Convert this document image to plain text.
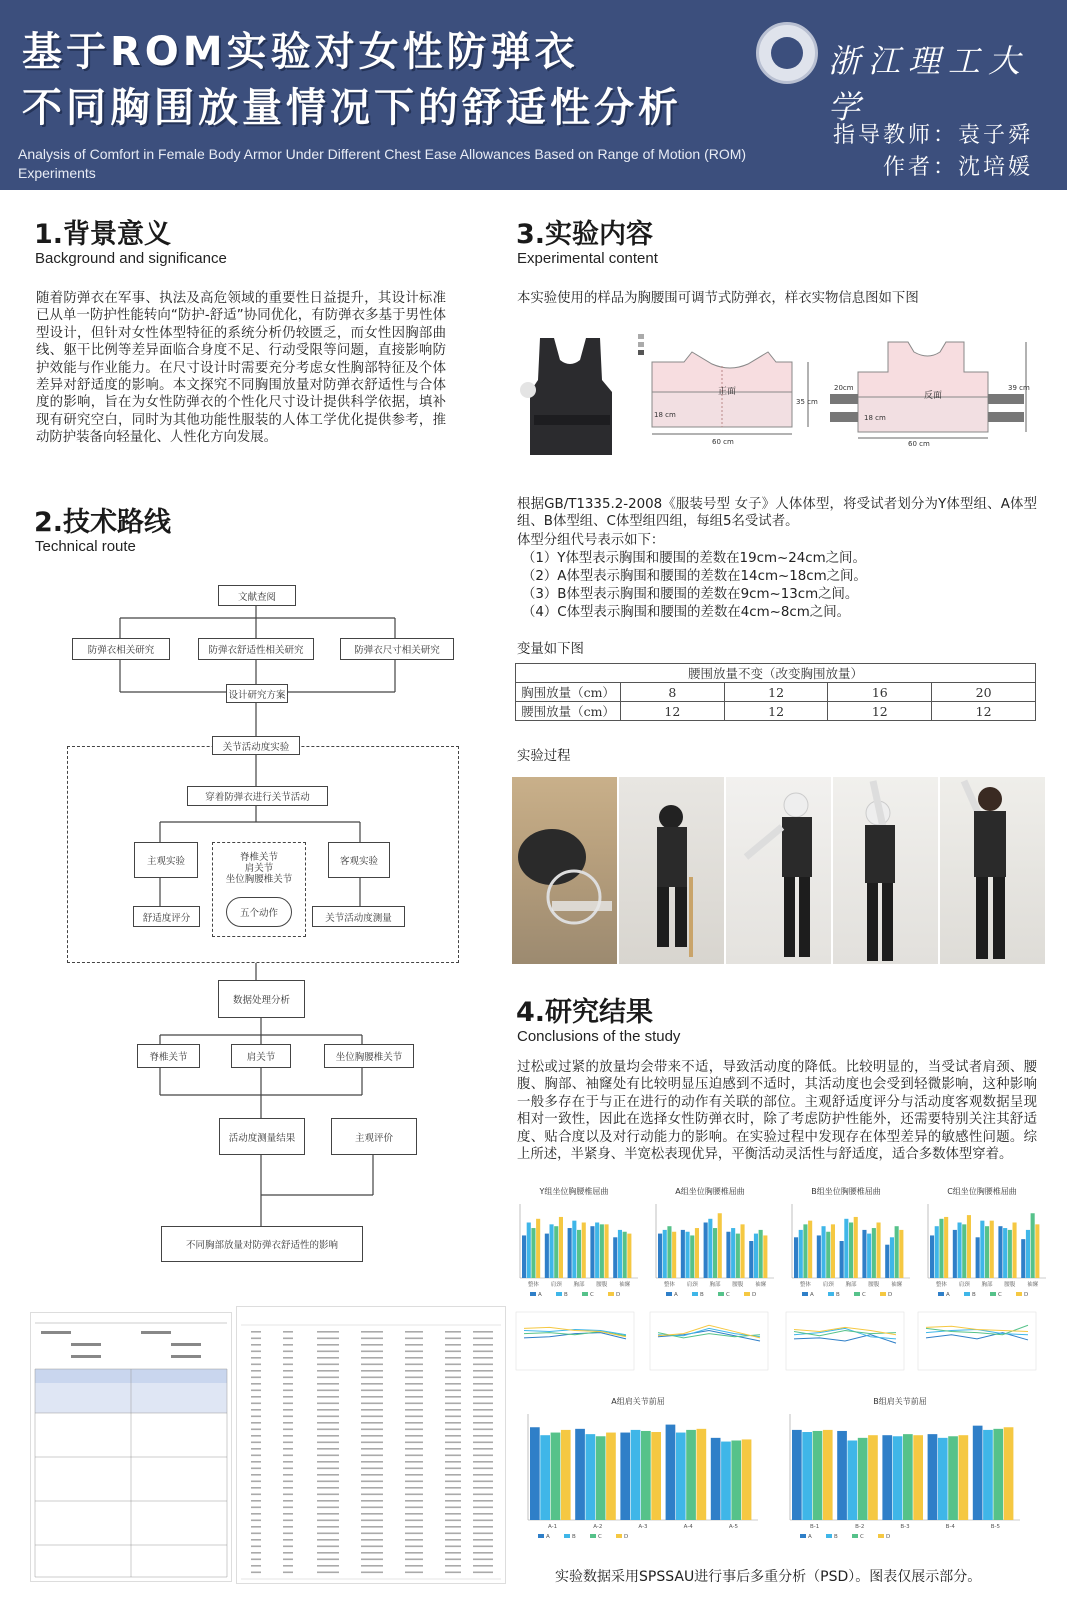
基于ROM实验对女性防弹衣
不同胸围放量情况下的舒适性分析
Analysis of Comfort in Female Body Armor Under Different Chest Ease Allowances Based on Range of Motion (ROM) Experiments
浙江理工大学
指导教师：袁子舜
作者：沈培媛
1.背景意义
Background and significance
随着防弹衣在军事、执法及高危领域的重要性日益提升，其设计标准已从单一防护性能转向“防护-舒适”协同优化，有防弹衣多基于男性体型设计，但针对女性体型特征的系统分析仍较匮乏，而女性因胸部曲线、躯干比例等差异面临合身度不足、行动受限等问题，直接影响防护效能与作业能力。在尺寸设计时需要充分考虑女性胸部特征及个体差异对舒适度的影响。本文探究不同胸围放量对防弹衣舒适性与合体度的影响，旨在为女性防弹衣的个性化尺寸设计提供科学依据，填补现有研究空白，同时为其他功能性服装的人体工学优化提供参考，推动防护装备向轻量化、人性化方向发展。
2.技术路线
Technical route
文献查阅
防弹衣相关研究	防弹衣舒适性相关研究	防弹衣尺寸相关研究
设计研究方案
关节活动度实验
穿着防弹衣进行关节活动
主观实验	客观实验
脊椎关节
肩关节
坐位胸腰椎关节
五个动作
舒适度评分	关节活动度测量
数据处理分析
脊椎关节	肩关节	坐位胸腰椎关节
活动度测量结果	主观评价
不同胸部放量对防弹衣舒适性的影响
3.实验内容
Experimental content
本实验使用的样品为胸腰围可调节式防弹衣，样衣实物信息图如下图
正面
60 cm
35 cm
18 cm
反面
60 cm
39 cm
18 cm
20cm
根据GB/T1335.2-2008《服装号型 女子》人体体型，将受试者划分为Y体型组、A体型组、B体型组、C体型组四组，每组5名受试者。
体型分组代号表示如下：
（1）Y体型表示胸围和腰围的差数在19cm~24cm之间。
（2）A体型表示胸围和腰围的差数在14cm~18cm之间。
（3）B体型表示胸围和腰围的差数在9cm~13cm之间。
（4）C体型表示胸围和腰围的差数在4cm~8cm之间。
变量如下图
腰围放量不变（改变胸围放量）				
胸围放量（cm）	8	12	16	20
腰围放量（cm）	12	12	12	12
实验过程
4.研究结果
Conclusions of the study
过松或过紧的放量均会带来不适，导致活动度的降低。比较明显的，当受试者肩颈、腰腹、胸部、袖窿处有比较明显压迫感到不适时，其活动度也会受到轻微影响，这种影响一般多存在于与正在进行的动作有关联的部位。主观舒适度评分与活动度客观数据呈现相对一致性，因此在选择女性防弹衣时，除了考虑防护性能外，还需要特别关注其舒适度、贴合度以及对行动能力的影响。在实验过程中发现存在体型差异的敏感性问题。综上所述，半紧身、半宽松表现优异，平衡活动灵活性与舒适度，适合多数体型穿着。
Y组坐位胸腰椎屈曲
整体 肩颈 胸部 腰腹 袖窿
A	B	C	D
A组坐位胸腰椎屈曲
整体 肩颈 胸部 腰腹 袖窿
A	B	C	D
B组坐位胸腰椎屈曲
整体 肩颈 胸部 腰腹 袖窿
A	B	C	D
C组坐位胸腰椎屈曲
整体 肩颈 胸部 腰腹 袖窿
A	B	C	D
A组肩关节前屈
A-1	A-2	A-3	A-4	A-5
A	B	C	D
B组肩关节前屈
B-1	B-2	B-3	B-4	B-5
A	B	C	D
实验数据采用SPSSAU进行事后多重分析（PSD）。图表仅展示部分。
